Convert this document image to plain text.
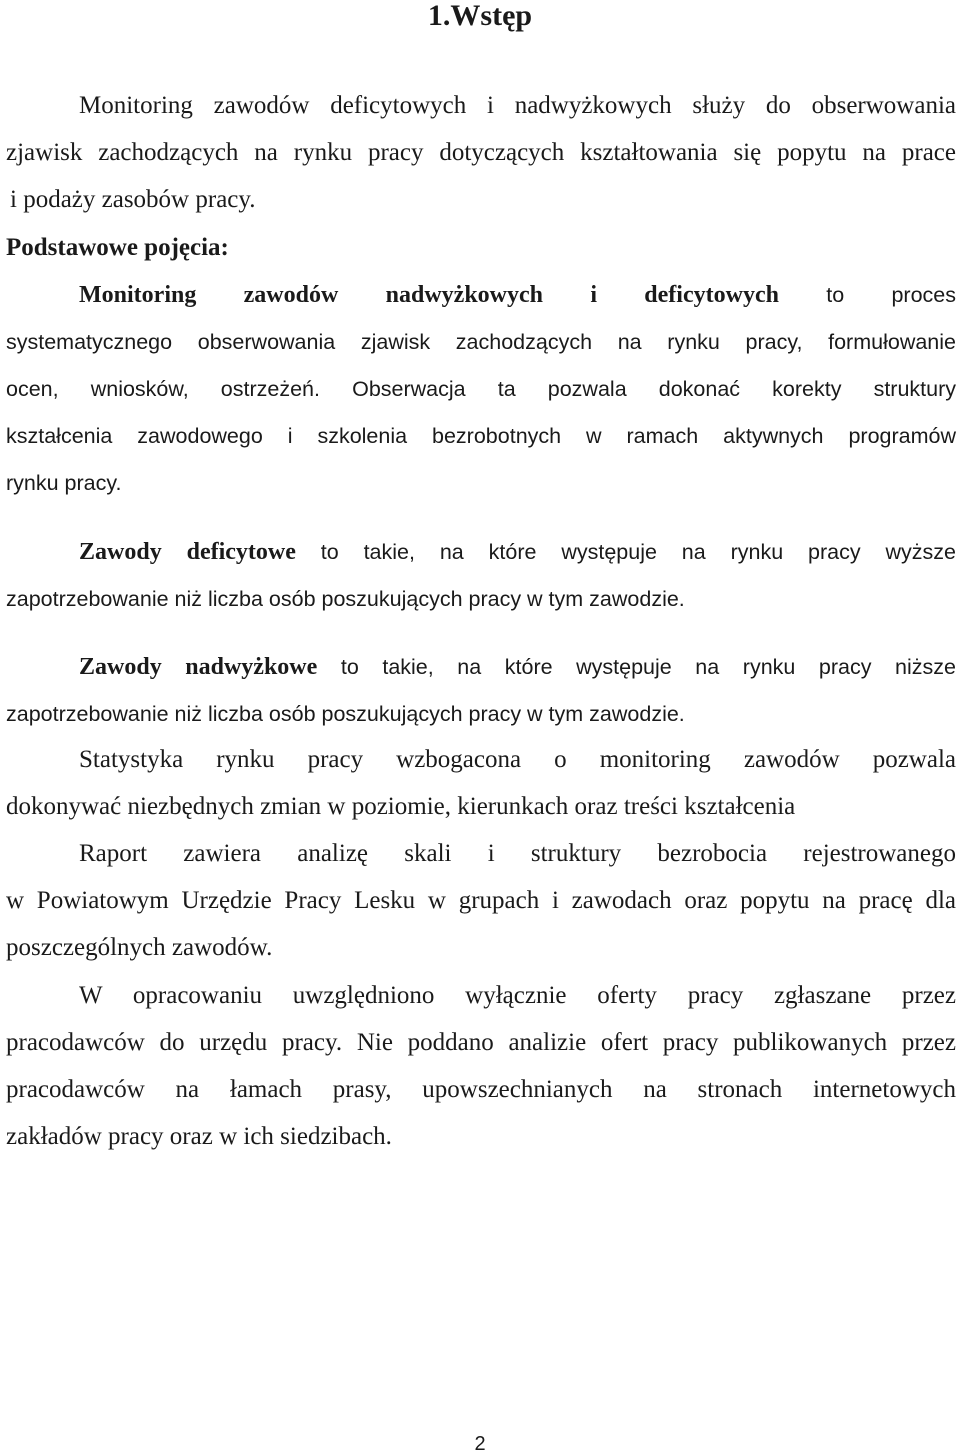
1.Wstęp
Monitoring zawodów deficytowych i nadwyżkowych służy do obserwowania
zjawisk zachodzących na rynku pracy dotyczących kształtowania się popytu na prace
i podaży zasobów pracy.
Podstawowe pojęcia:
Monitoring zawodów nadwyżkowych i deficytowych to proces
systematycznego obserwowania zjawisk zachodzących na rynku pracy, formułowanie
ocen, wniosków, ostrzeżeń. Obserwacja ta pozwala dokonać korekty struktury
kształcenia zawodowego i szkolenia bezrobotnych w ramach aktywnych programów
rynku pracy.
Zawody deficytowe to takie, na które występuje na rynku pracy wyższe
zapotrzebowanie niż liczba osób poszukujących pracy w tym zawodzie.
Zawody nadwyżkowe to takie, na które występuje na rynku pracy niższe
zapotrzebowanie niż liczba osób poszukujących pracy w tym zawodzie.
Statystyka rynku pracy wzbogacona o monitoring zawodów pozwala
dokonywać niezbędnych zmian w poziomie, kierunkach oraz treści kształcenia
Raport zawiera analizę skali i struktury bezrobocia rejestrowanego
w Powiatowym Urzędzie Pracy Lesku w grupach i zawodach oraz popytu na pracę dla
poszczególnych zawodów.
W opracowaniu uwzględniono wyłącznie oferty pracy zgłaszane przez
pracodawców do urzędu pracy. Nie poddano analizie ofert pracy publikowanych przez
pracodawców na łamach prasy, upowszechnianych na stronach internetowych
zakładów pracy oraz w ich siedzibach.
2
